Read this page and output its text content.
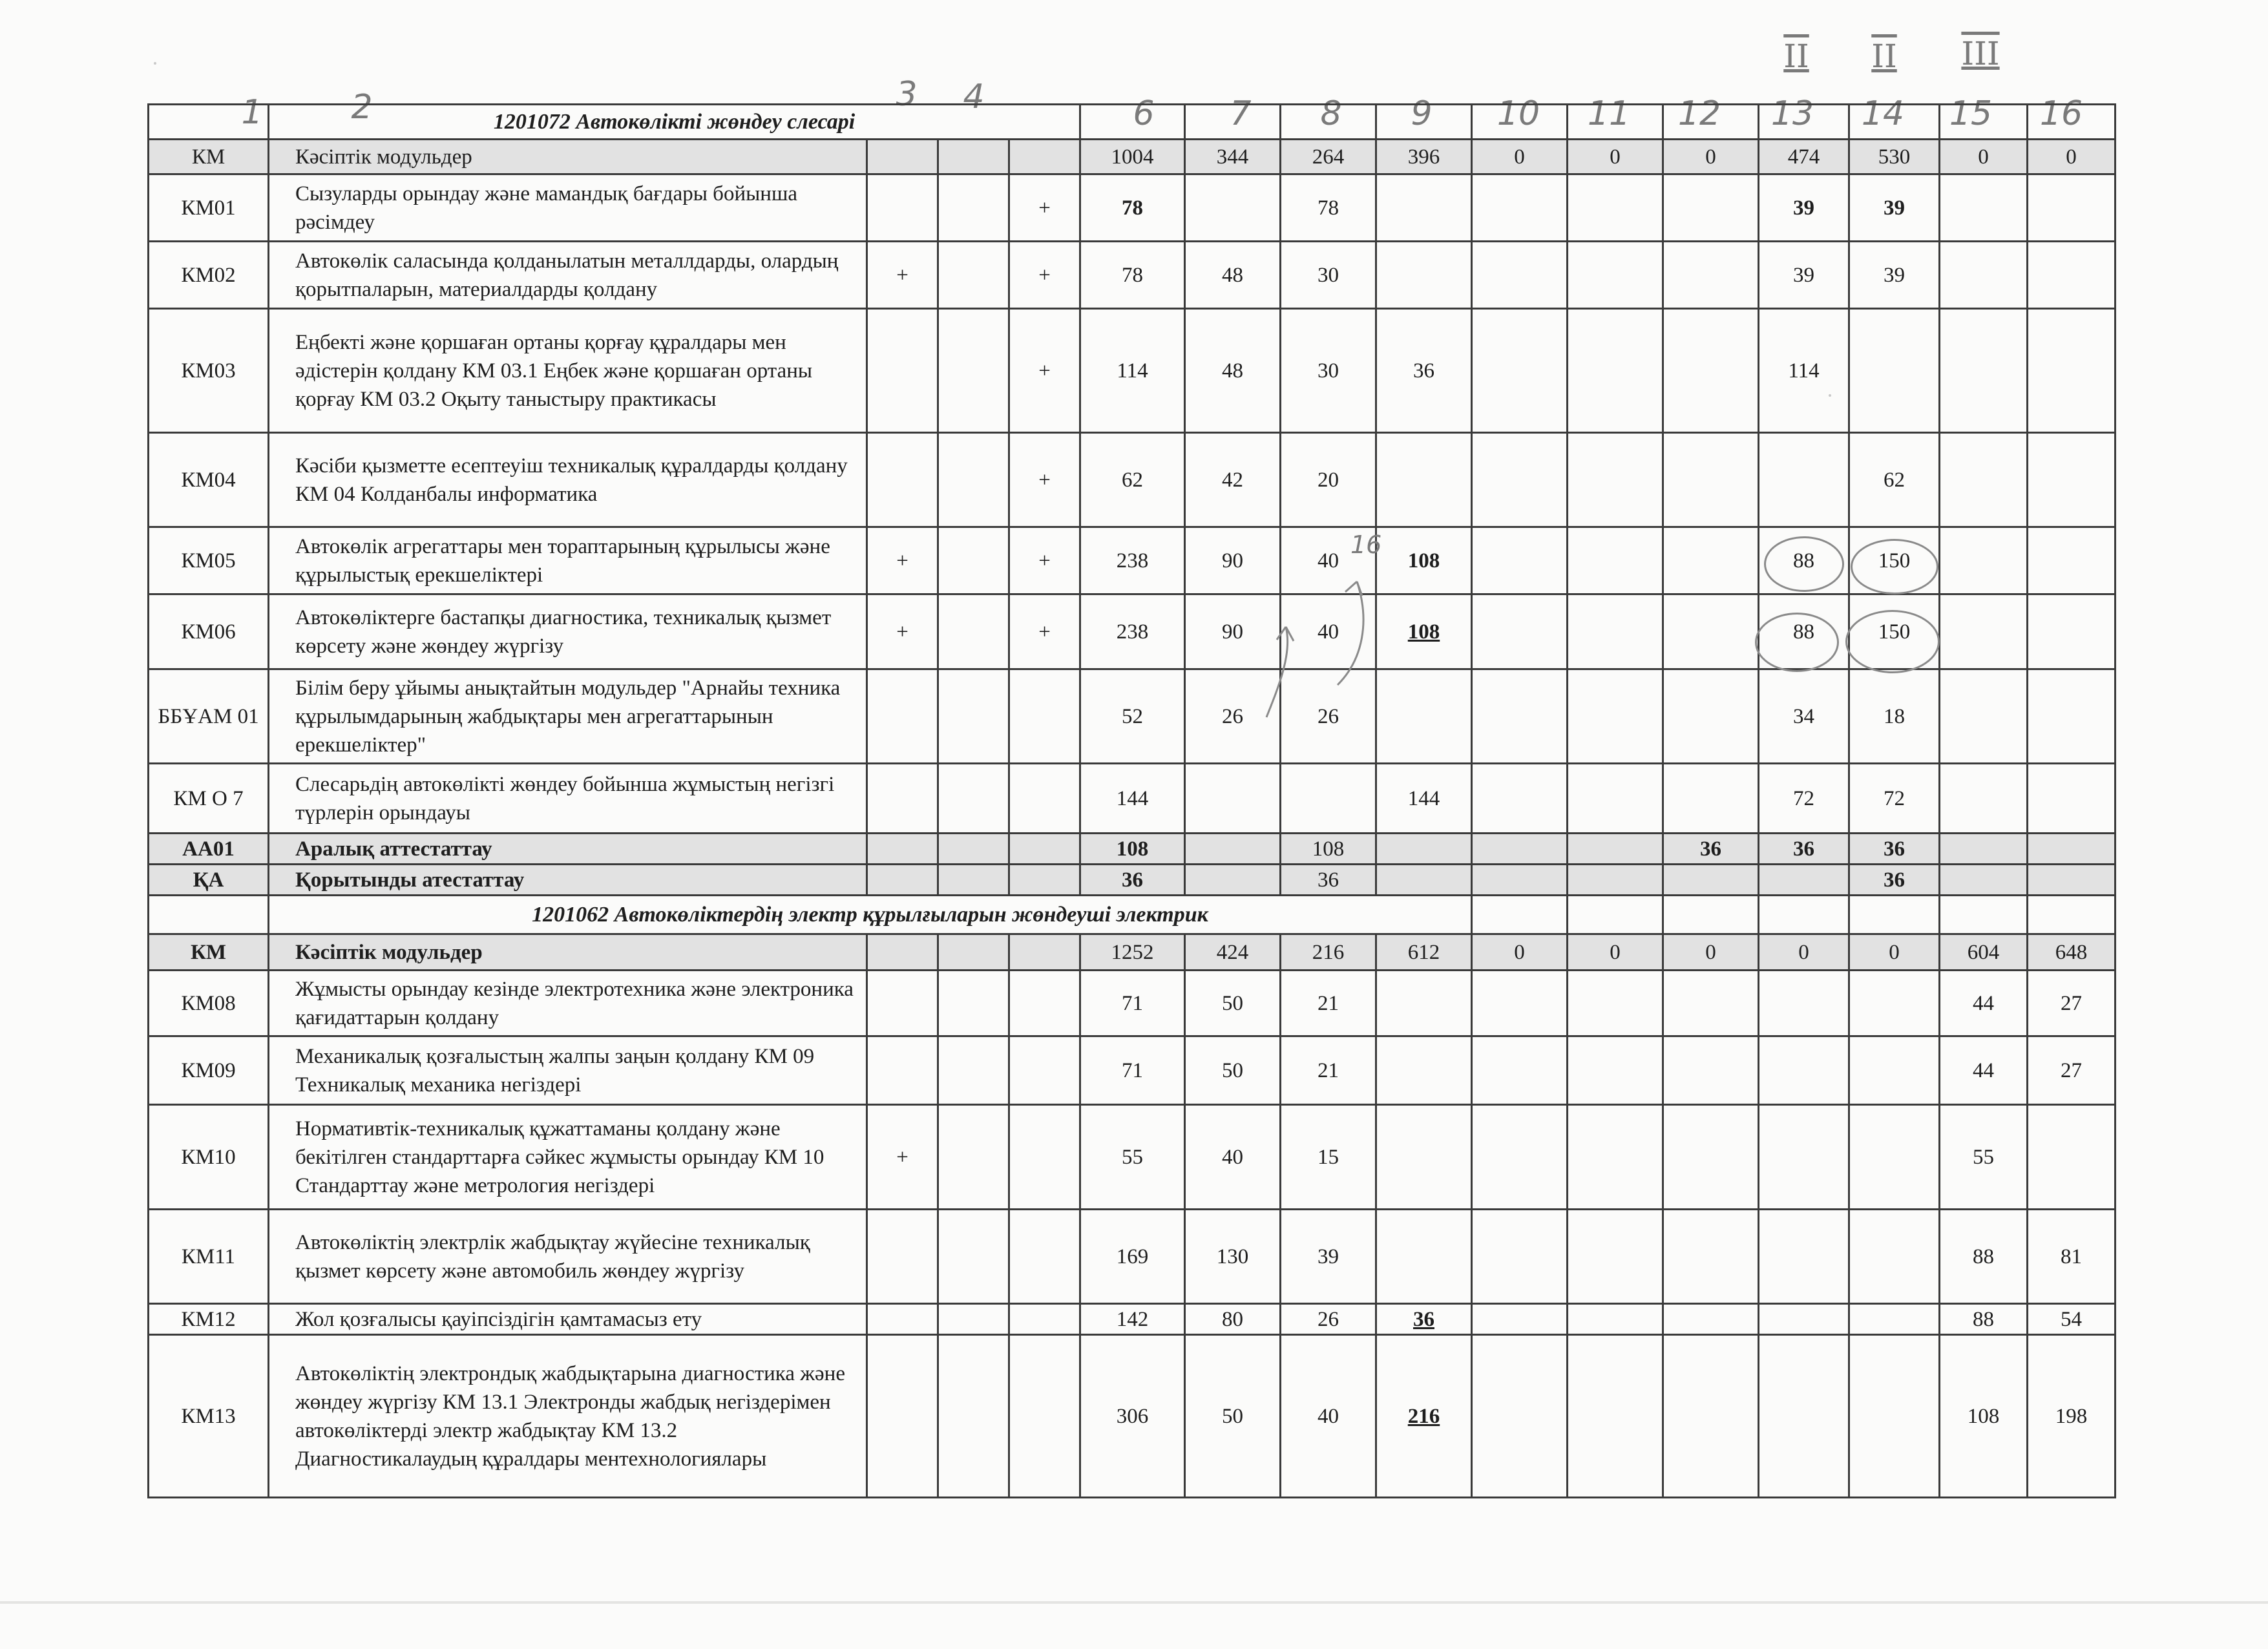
1	2	3 4	6 7 8 9 10 11 12 13 14 15 16
II II	III
	1201072 Автокөлікті жөндеу слесарі														
КМ	Кәсіптік модульдер				1004	344	264	396	0	0	0	474	530	0	0
КМ01	Сызуларды орындау және мамандық бағдары бойынша рәсімдеу			+	78		78					39	39		
КМ02	Автокөлік саласында қолданылатын металлдарды, олардың қорытпаларын, материалдарды қолдану	+		+	78	48	30					39	39		
КМ03	Еңбекті және қоршаған ортаны қорғау құралдары мен әдістерін қолдану КМ 03.1 Еңбек және қоршаған ортаны қорғау КМ 03.2 Оқыту таныстыру практикасы			+	114	48	30	36				114			
КМ04	Кәсіби қызметте есептеуіш техникалық құралдарды қолдану КМ 04 Колданбалы информатика			+	62	42	20						62		
КМ05	Автокөлік агрегаттары мен тораптарының құрылысы және құрылыстық ерекшеліктері	+		+	238	90	40	108				88	150		
КМ06	Автокөліктерге бастапқы диагностика, техникалық қызмет көрсету және жөндеу жүргізу	+		+	238	90	40	108				88	150		
ББҰАМ 01	Білім беру ұйымы анықтайтын модульдер "Арнайы техника құрылымдарының жабдықтары мен агрегаттарынын ерекшеліктер"				52	26	26					34	18		
КМ О 7	Слесарьдің автокөлікті жөндеу бойынша жұмыстың негізгі түрлерін орындауы				144			144				72	72		
АА01	Аралық аттестаттау				108		108				36	36	36		
ҚА	Қорытынды атестаттау				36		36						36		
	1201062 Автокөліктердің электр құрылғыларын жөндеуші электрик														
КМ	Кәсіптік модульдер				1252	424	216	612	0	0	0	0	0	604	648
КМ08	Жұмысты орындау кезінде электротехника және электроника қағидаттарын қолдану				71	50	21							44	27
КМ09	Механикалық қозғалыстың жалпы заңын қолдану КМ 09 Техникалық механика негіздері				71	50	21							44	27
КМ10	Нормативтік-техникалық құжаттаманы қолдану және бекітілген стандарттарға сәйкес жұмысты орындау КМ 10 Стандарттау және метрология негіздері	+			55	40	15							55	
КМ11	Автокөліктің электрлік жабдықтау жүйесіне техникалық қызмет көрсету және автомобиль жөндеу жүргізу				169	130	39							88	81
КМ12	Жол қозғалысы қауіпсіздігін қамтамасыз ету				142	80	26	36						88	54
КМ13	Автокөліктің электрондық жабдықтарына диагностика және жөндеу жүргізу КМ 13.1 Электронды жабдық негіздерімен автокөліктерді электр жабдықтау КМ 13.2 Диагностикалаудың құралдары ментехнологиялары				306	50	40	216						108	198
16
